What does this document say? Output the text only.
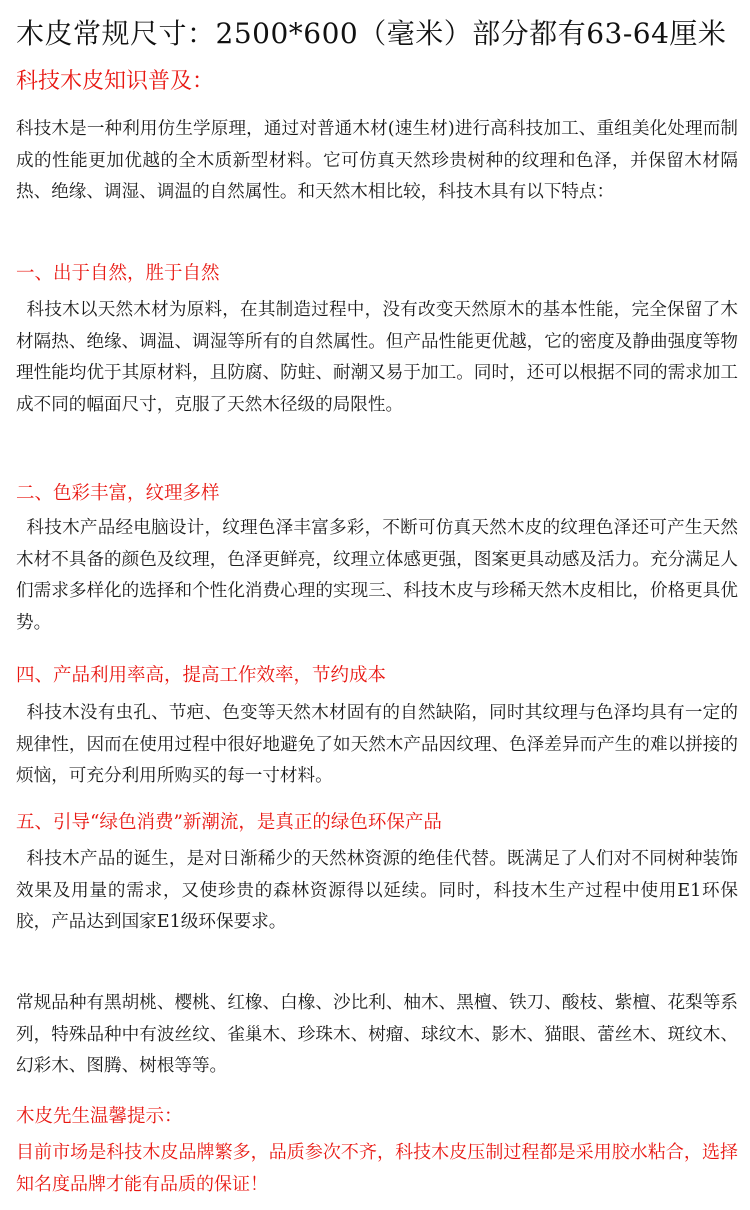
木皮常规尺寸：2500*600（毫米）部分都有63-64厘米
科技木皮知识普及：
科技木是一种利用仿生学原理，通过对普通木材(速生材)进行高科技加工、重组美化处理而制成的性能更加优越的全木质新型材料。它可仿真天然珍贵树种的纹理和色泽，并保留木材隔热、绝缘、调湿、调温的自然属性。和天然木相比较，科技木具有以下特点：
一、出于自然，胜于自然
科技木以天然木材为原料，在其制造过程中，没有改变天然原木的基本性能，完全保留了木材隔热、绝缘、调温、调湿等所有的自然属性。但产品性能更优越，它的密度及静曲强度等物理性能均优于其原材料，且防腐、防蛀、耐潮又易于加工。同时，还可以根据不同的需求加工成不同的幅面尺寸，克服了天然木径级的局限性。
二、色彩丰富，纹理多样
科技木产品经电脑设计，纹理色泽丰富多彩，不断可仿真天然木皮的纹理色泽还可产生天然木材不具备的颜色及纹理，色泽更鲜亮，纹理立体感更强，图案更具动感及活力。充分满足人们需求多样化的选择和个性化消费心理的实现三、科技木皮与珍稀天然木皮相比，价格更具优势。
四、产品利用率高，提高工作效率，节约成本
科技木没有虫孔、节疤、色变等天然木材固有的自然缺陷，同时其纹理与色泽均具有一定的规律性，因而在使用过程中很好地避免了如天然木产品因纹理、色泽差异而产生的难以拼接的烦恼，可充分利用所购买的每一寸材料。
五、引导“绿色消费”新潮流，是真正的绿色环保产品
科技木产品的诞生，是对日渐稀少的天然林资源的绝佳代替。既满足了人们对不同树种装饰效果及用量的需求，又使珍贵的森林资源得以延续。同时，科技木生产过程中使用E1环保胶，产品达到国家E1级环保要求。
常规品种有黑胡桃、樱桃、红橡、白橡、沙比利、柚木、黑檀、铁刀、酸枝、紫檀、花梨等系列，特殊品种中有波丝纹、雀巢木、珍珠木、树瘤、球纹木、影木、猫眼、蕾丝木、斑纹木、幻彩木、图腾、树根等等。
木皮先生温馨提示：
目前市场是科技木皮品牌繁多，品质参次不齐，科技木皮压制过程都是采用胶水粘合，选择知名度品牌才能有品质的保证！
